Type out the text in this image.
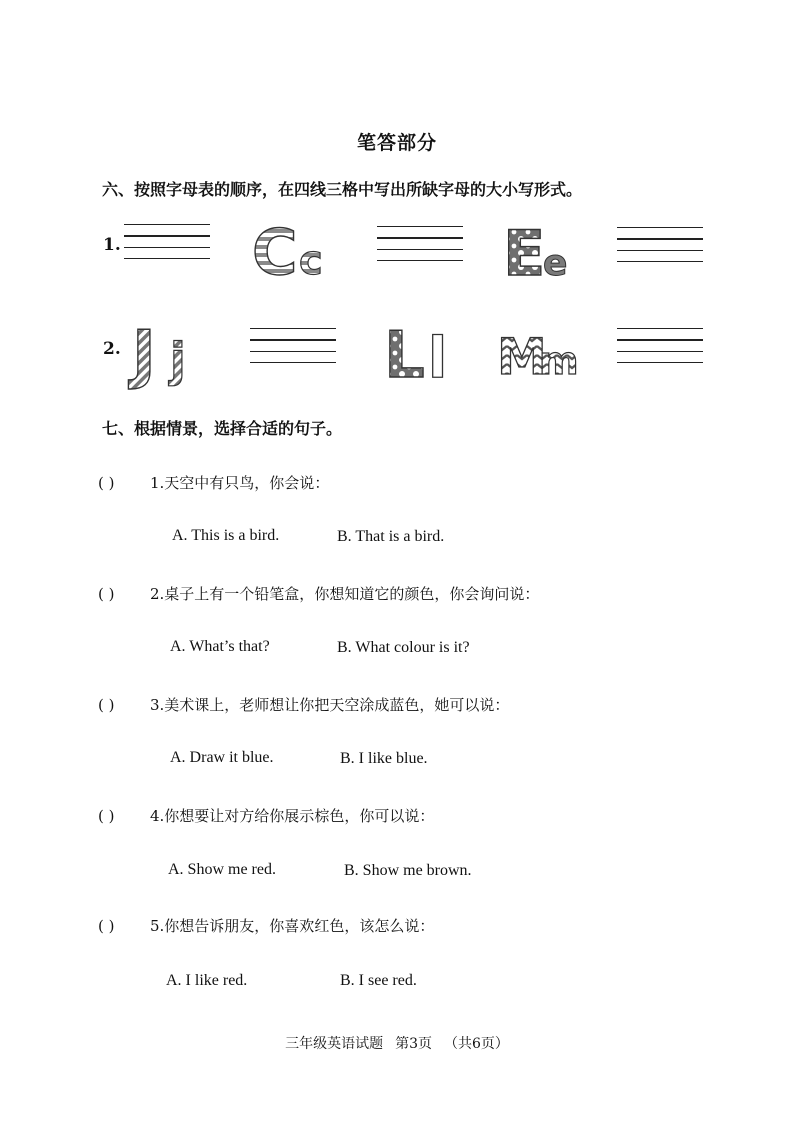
笔答部分
六、按照字母表的顺序，在四线三格中写出所缺字母的大小写形式。
1. C c	E
e
2. J j	L l M
m
七、根据情景，选择合适的句子。
( ) 1.天空中有只鸟，你会说：
A. This is a bird.	B. That is a bird.
( ) 2.桌子上有一个铅笔盒，你想知道它的颜色，你会询问说：
A. What’s that?	B. What colour is it?
( ) 3.美术课上，老师想让你把天空涂成蓝色，她可以说：
A. Draw it blue.	B. I like blue.
( ) 4.你想要让对方给你展示棕色，你可以说：
A. Show me red.	B. Show me brown.
( ) 5.你想告诉朋友，你喜欢红色，该怎么说：
A. I like red.	B. I see red.
三年级英语试题 第3页 （共6页）
